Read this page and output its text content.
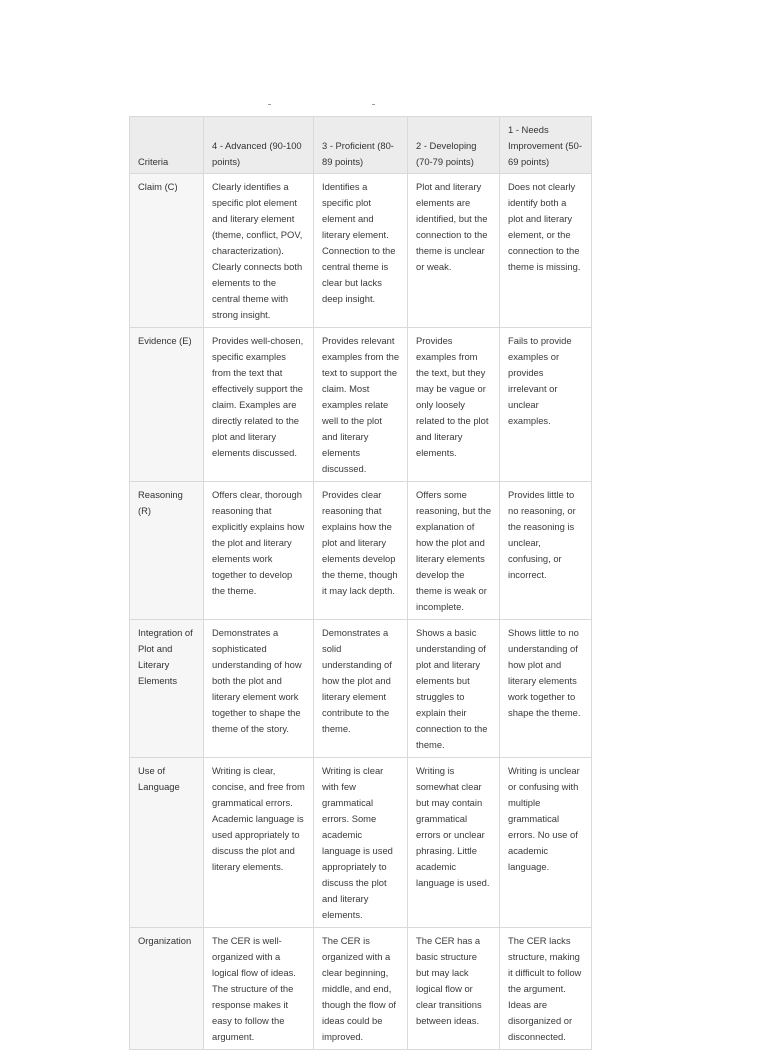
Criteria	4 - Advanced (90-100 points)	3 - Proficient (80-89 points)	2 - Developing (70-79 points)	1 - Needs Improvement (50-69 points)
Claim (C)	Clearly identifies a specific plot element and literary element (theme, conflict, POV, characterization). Clearly connects both elements to the central theme with strong insight.	Identifies a specific plot element and literary element. Connection to the central theme is clear but lacks deep insight.	Plot and literary elements are identified, but the connection to the theme is unclear or weak.	Does not clearly identify both a plot and literary element, or the connection to the theme is missing.
Evidence (E)	Provides well-chosen, specific examples from the text that effectively support the claim. Examples are directly related to the plot and literary elements discussed.	Provides relevant examples from the text to support the claim. Most examples relate well to the plot and literary elements discussed.	Provides examples from the text, but they may be vague or only loosely related to the plot and literary elements.	Fails to provide examples or provides irrelevant or unclear examples.
Reasoning (R)	Offers clear, thorough reasoning that explicitly explains how the plot and literary elements work together to develop the theme.	Provides clear reasoning that explains how the plot and literary elements develop the theme, though it may lack depth.	Offers some reasoning, but the explanation of how the plot and literary elements develop the theme is weak or incomplete.	Provides little to no reasoning, or the reasoning is unclear, confusing, or incorrect.
Integration of Plot and Literary Elements	Demonstrates a sophisticated understanding of how both the plot and literary element work together to shape the theme of the story.	Demonstrates a solid understanding of how the plot and literary element contribute to the theme.	Shows a basic understanding of plot and literary elements but struggles to explain their connection to the theme.	Shows little to no understanding of how plot and literary elements work together to shape the theme.
Use of Language	Writing is clear, concise, and free from grammatical errors. Academic language is used appropriately to discuss the plot and literary elements.	Writing is clear with few grammatical errors. Some academic language is used appropriately to discuss the plot and literary elements.	Writing is somewhat clear but may contain grammatical errors or unclear phrasing. Little academic language is used.	Writing is unclear or confusing with multiple grammatical errors. No use of academic language.
Organization	The CER is well-organized with a logical flow of ideas. The structure of the response makes it easy to follow the argument.	The CER is organized with a clear beginning, middle, and end, though the flow of ideas could be improved.	The CER has a basic structure but may lack logical flow or clear transitions between ideas.	The CER lacks structure, making it difficult to follow the argument. Ideas are disorganized or disconnected.
